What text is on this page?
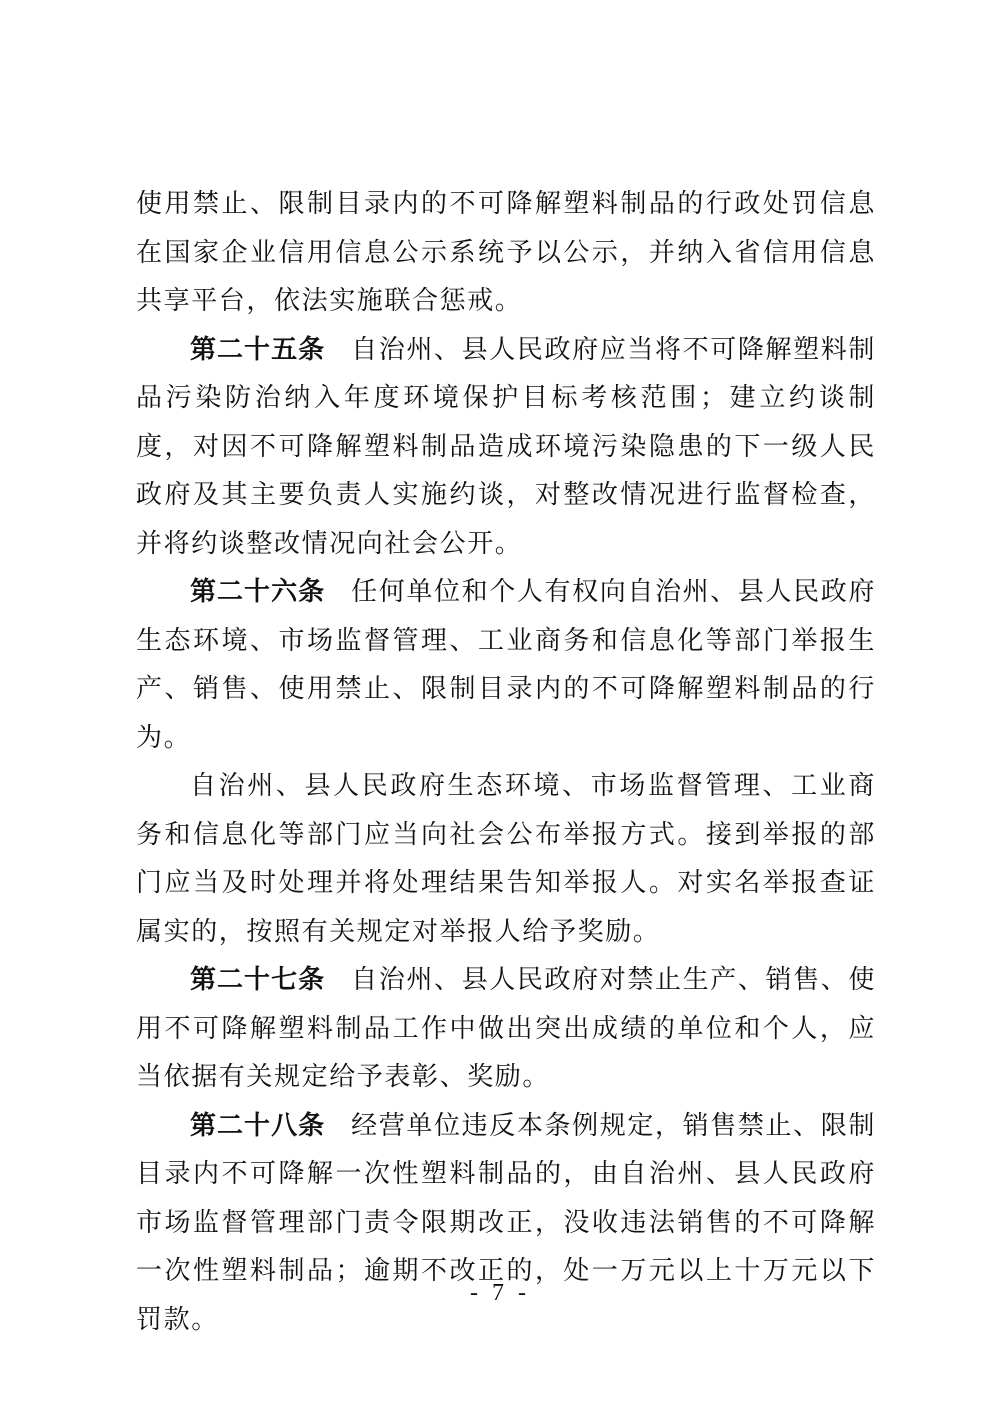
使用禁止、限制目录内的不可降解塑料制品的行政处罚信息在国家企业信用信息公示系统予以公示，并纳入省信用信息共享平台，依法实施联合惩戒。

第二十五条 自治州、县人民政府应当将不可降解塑料制品污染防治纳入年度环境保护目标考核范围；建立约谈制度，对因不可降解塑料制品造成环境污染隐患的下一级人民政府及其主要负责人实施约谈，对整改情况进行监督检查，并将约谈整改情况向社会公开。

第二十六条 任何单位和个人有权向自治州、县人民政府生态环境、市场监督管理、工业商务和信息化等部门举报生产、销售、使用禁止、限制目录内的不可降解塑料制品的行为。

自治州、县人民政府生态环境、市场监督管理、工业商务和信息化等部门应当向社会公布举报方式。接到举报的部门应当及时处理并将处理结果告知举报人。对实名举报查证属实的，按照有关规定对举报人给予奖励。

第二十七条 自治州、县人民政府对禁止生产、销售、使用不可降解塑料制品工作中做出突出成绩的单位和个人，应当依据有关规定给予表彰、奖励。

第二十八条 经营单位违反本条例规定，销售禁止、限制目录内不可降解一次性塑料制品的，由自治州、县人民政府市场监督管理部门责令限期改正，没收违法销售的不可降解一次性塑料制品；逾期不改正的，处一万元以上十万元以下罚款。

- 7 -
